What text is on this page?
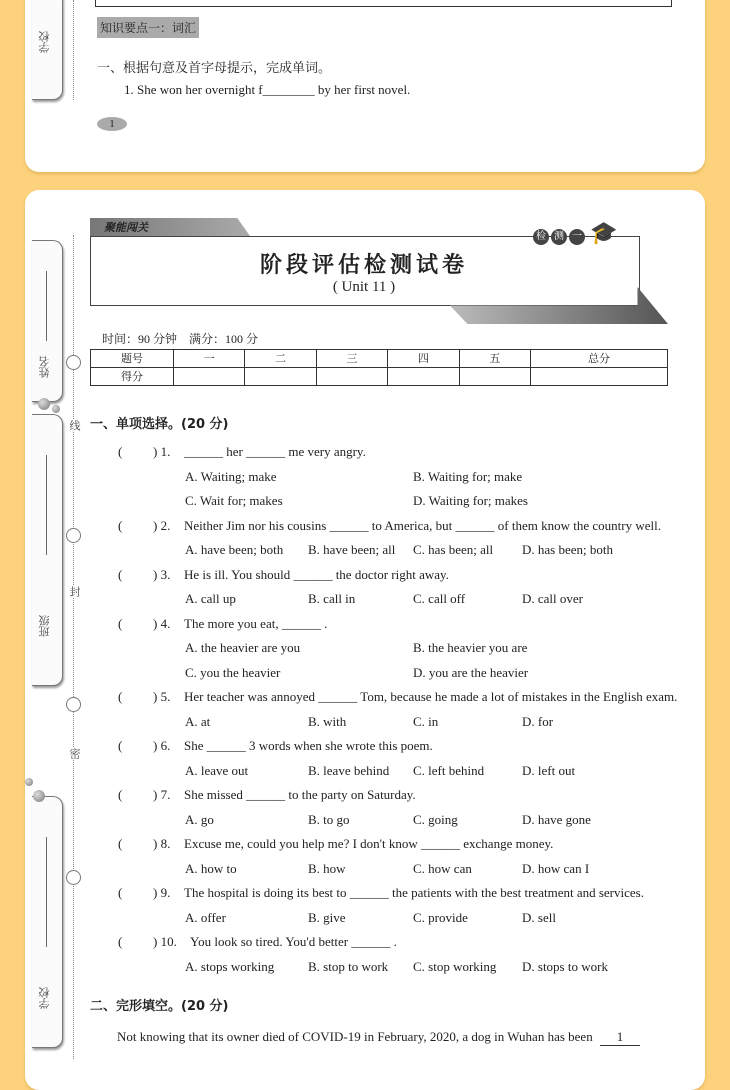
知识要点一：词汇
一、根据句意及首字母提示，完成单词。
1. She won her overnight f________ by her first novel.
1
学校
姓名
班级
学校
线
封
密
聚能闯关
检 测 一 🎓
阶段评估检测试卷
( Unit 11 )
时间：90 分钟    满分：100 分
题号	一	二	三	四	五	总分
得分						
一、单项选择。(20 分)
( ) 1. ______ her ______ me very angry.
A. Waiting; make	B. Waiting for; make
C. Wait for; makes	D. Waiting for; makes
( ) 2. Neither Jim nor his cousins ______ to America, but ______ of them know the country well.
A. have been; both B. have been; all C. has been; all D. has been; both
( ) 3. He is ill. You should ______ the doctor right away.
A. call up	B. call in	C. call off	D. call over
( ) 4. The more you eat, ______ .
A. the heavier are you	B. the heavier you are
C. you the heavier	D. you are the heavier
( ) 5. Her teacher was annoyed ______ Tom, because he made a lot of mistakes in the English exam.
A. at	B. with	C. in	D. for
( ) 6. She ______ 3 words when she wrote this poem.
A. leave out	B. leave behind C. left behind	D. left out
( ) 7. She missed ______ to the party on Saturday.
A. go	B. to go	C. going	D. have gone
( ) 8. Excuse me, could you help me? I don't know ______ exchange money.
A. how to	B. how	C. how can	D. how can I
( ) 9. The hospital is doing its best to ______ the patients with the best treatment and services.
A. offer	B. give	C. provide	D. sell
( ) 10. You look so tired. You'd better ______ .
A. stops working	B. stop to work C. stop working D. stops to work
二、完形填空。(20 分)
Not knowing that its owner died of COVID-19 in February, 2020, a dog in Wuhan has been 1
